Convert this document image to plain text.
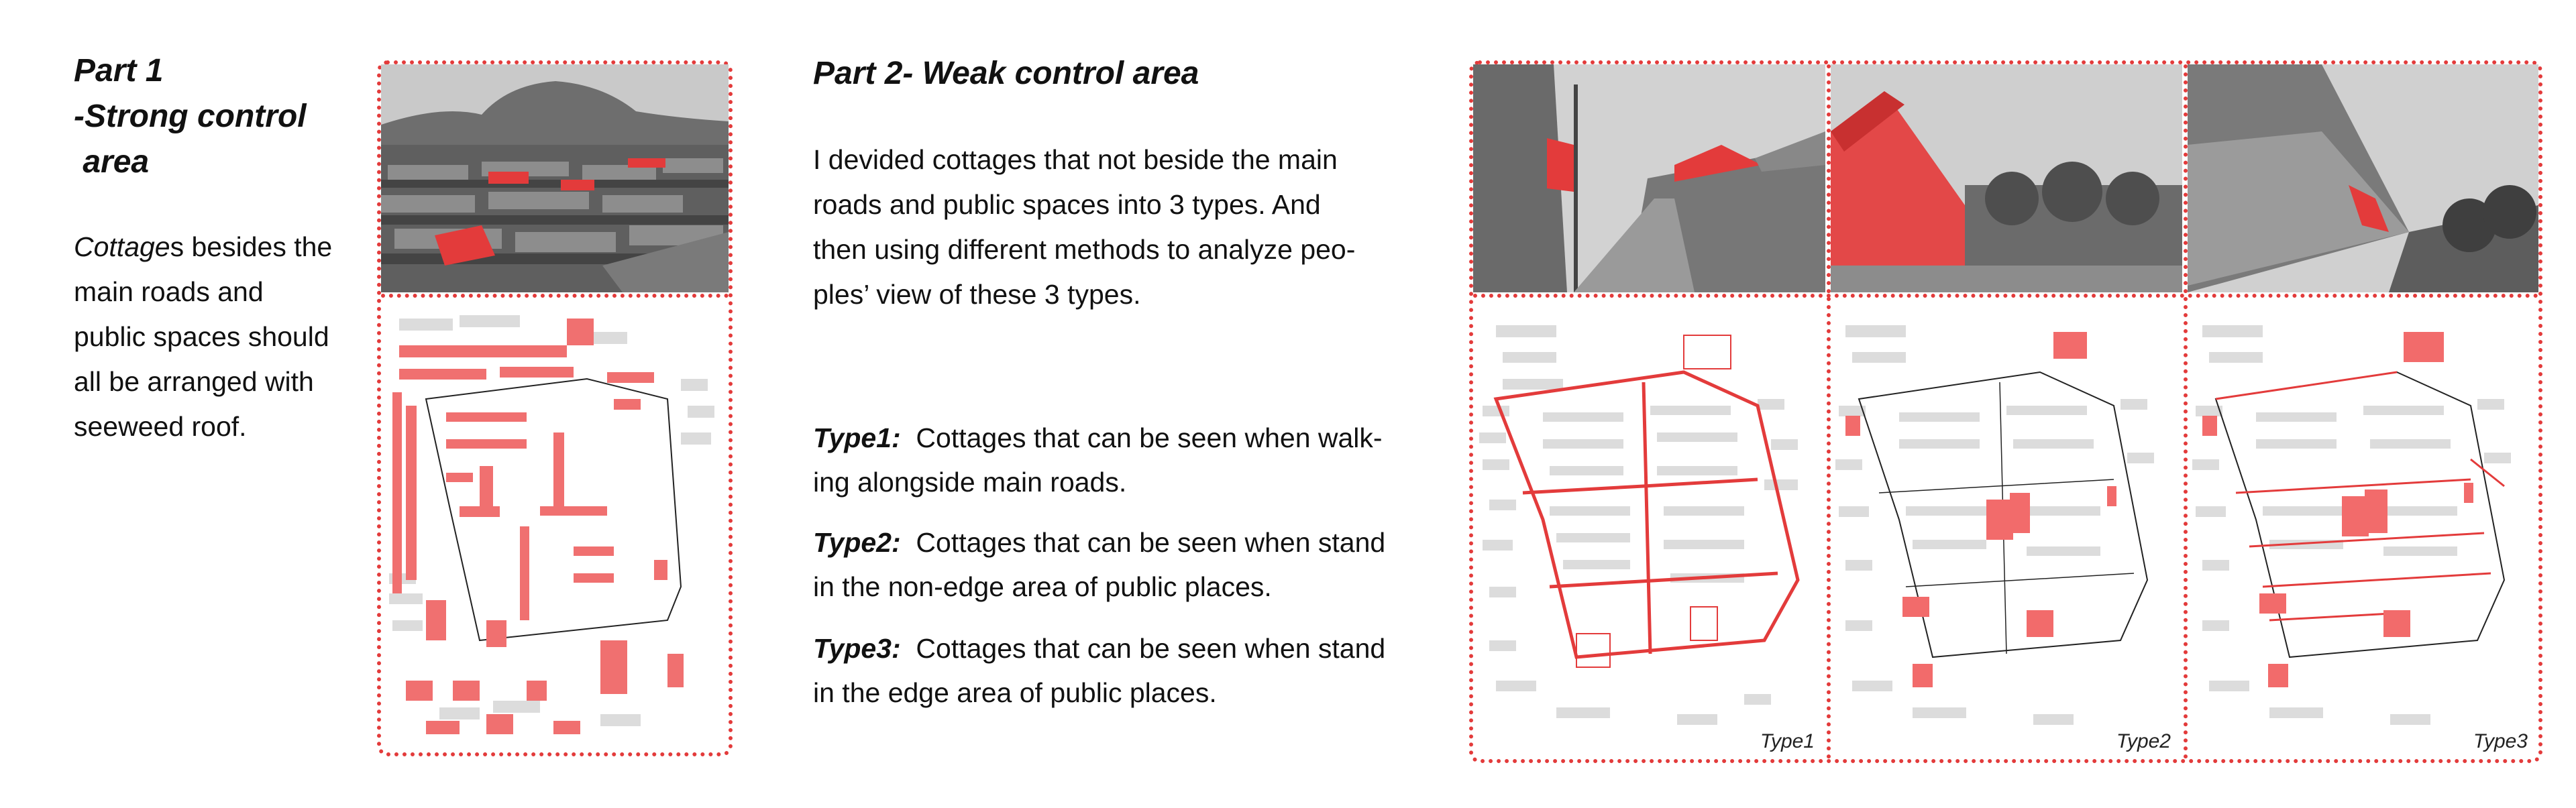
Part 1

-Strong control

area

Cottages besides the

main roads and

public spaces should

all be arranged with

seeweed roof.

Part 2- Weak control area

I devided cottages that not beside the main

roads and public spaces into 3 types. And

then using different methods to analyze peo-

ples’ view of these 3 types.

Type1:  Cottages that can be seen when walk-

ing alongside main roads.

Type2:  Cottages that can be seen when stand

in the non-edge area of public places.

Type3:  Cottages that can be seen when stand

in the edge area of public places.

Type1	Type2	Type3
